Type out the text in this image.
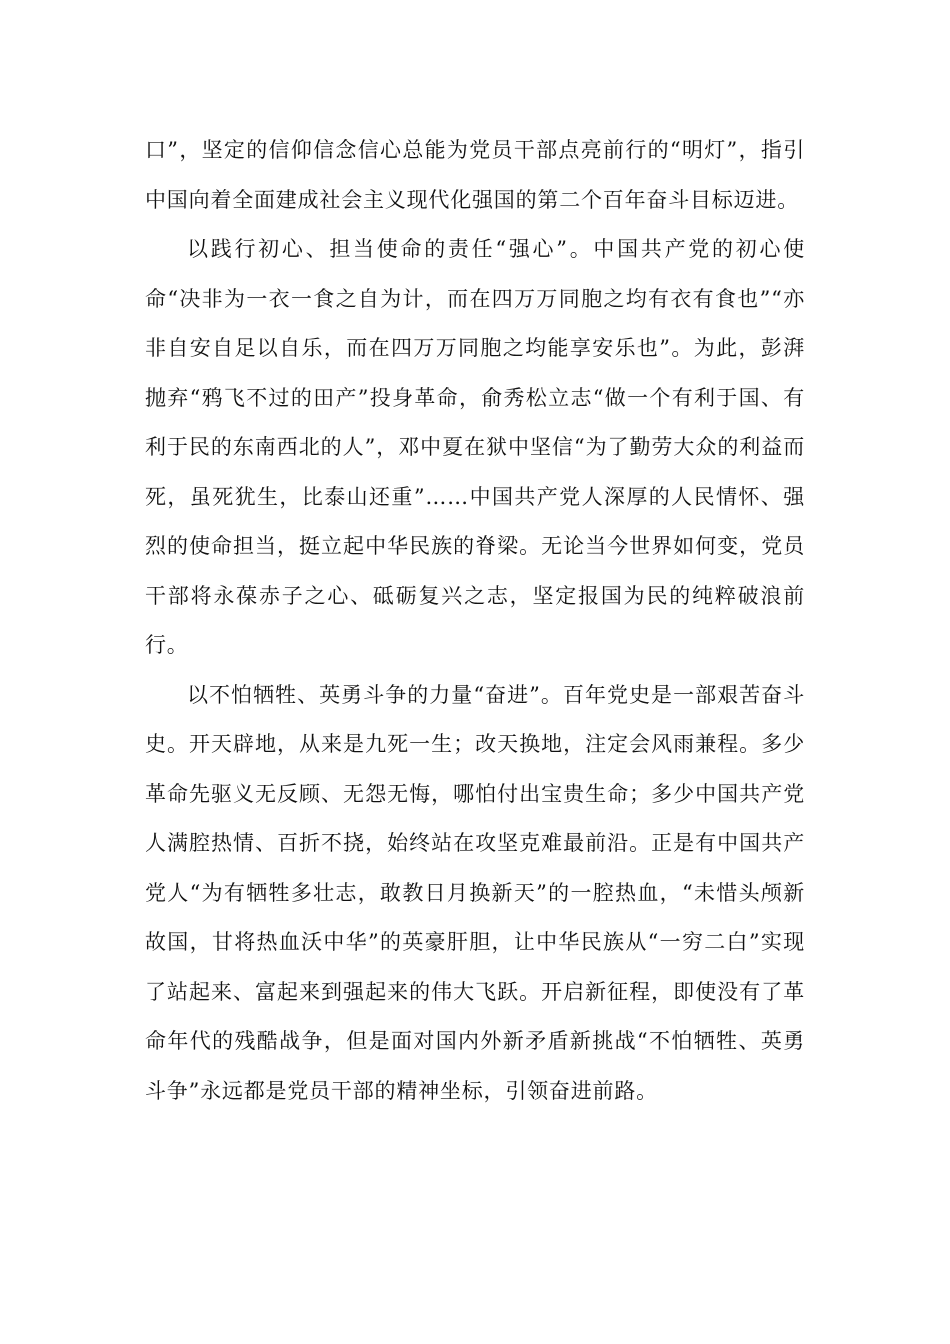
口”，坚定的信仰信念信心总能为党员干部点亮前行的“明灯”，指引中国向着全面建成社会主义现代化强国的第二个百年奋斗目标迈进。

以践行初心、担当使命的责任“强心”。中国共产党的初心使命“决非为一衣一食之自为计，而在四万万同胞之均有衣有食也”“亦非自安自足以自乐，而在四万万同胞之均能享安乐也”。为此，彭湃抛弃“鸦飞不过的田产”投身革命，俞秀松立志“做一个有利于国、有利于民的东南西北的人”，邓中夏在狱中坚信“为了勤劳大众的利益而死，虽死犹生，比泰山还重”……中国共产党人深厚的人民情怀、强烈的使命担当，挺立起中华民族的脊梁。无论当今世界如何变，党员干部将永葆赤子之心、砥砺复兴之志，坚定报国为民的纯粹破浪前行。

以不怕牺牲、英勇斗争的力量“奋进”。百年党史是一部艰苦奋斗史。开天辟地，从来是九死一生；改天换地，注定会风雨兼程。多少革命先驱义无反顾、无怨无悔，哪怕付出宝贵生命；多少中国共产党人满腔热情、百折不挠，始终站在攻坚克难最前沿。正是有中国共产党人“为有牺牲多壮志，敢教日月换新天”的一腔热血，“未惜头颅新故国，甘将热血沃中华”的英豪肝胆，让中华民族从“一穷二白”实现了站起来、富起来到强起来的伟大飞跃。开启新征程，即使没有了革命年代的残酷战争，但是面对国内外新矛盾新挑战“不怕牺牲、英勇斗争”永远都是党员干部的精神坐标，引领奋进前路。
